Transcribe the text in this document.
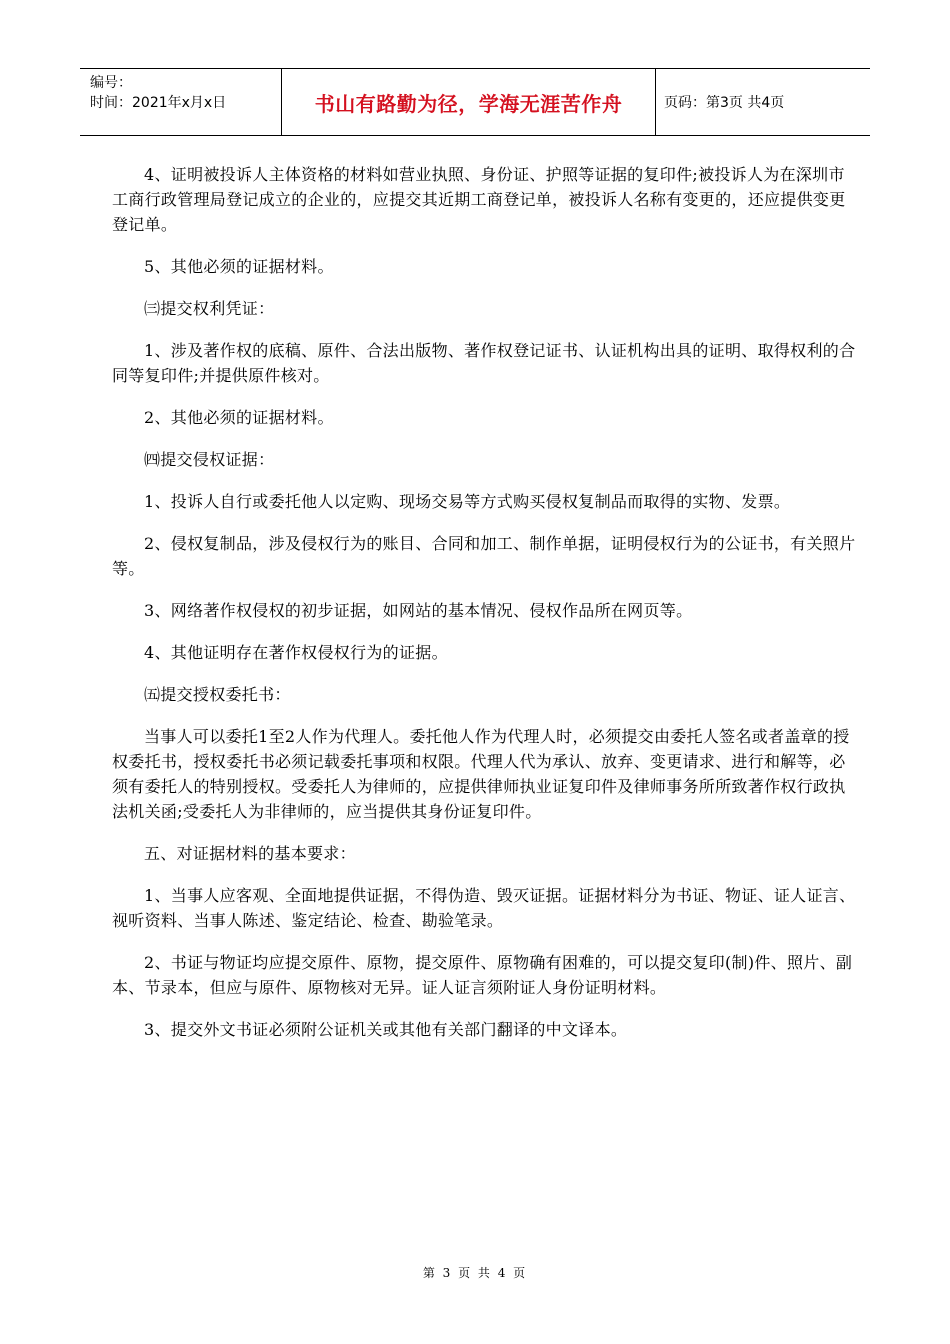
编号：
时间：2021年x月x日	书山有路勤为径，学海无涯苦作舟	页码：第3页 共4页

4、证明被投诉人主体资格的材料如营业执照、身份证、护照等证据的复印件;被投诉人为在深圳市工商行政管理局登记成立的企业的，应提交其近期工商登记单，被投诉人名称有变更的，还应提供变更登记单。

5、其他必须的证据材料。

㈢提交权利凭证：

1、涉及著作权的底稿、原件、合法出版物、著作权登记证书、认证机构出具的证明、取得权利的合同等复印件;并提供原件核对。

2、其他必须的证据材料。

㈣提交侵权证据：

1、投诉人自行或委托他人以定购、现场交易等方式购买侵权复制品而取得的实物、发票。

2、侵权复制品，涉及侵权行为的账目、合同和加工、制作单据，证明侵权行为的公证书，有关照片等。

3、网络著作权侵权的初步证据，如网站的基本情况、侵权作品所在网页等。

4、其他证明存在著作权侵权行为的证据。

㈤提交授权委托书：

当事人可以委托1至2人作为代理人。委托他人作为代理人时，必须提交由委托人签名或者盖章的授权委托书，授权委托书必须记载委托事项和权限。代理人代为承认、放弃、变更请求、进行和解等，必须有委托人的特别授权。受委托人为律师的，应提供律师执业证复印件及律师事务所所致著作权行政执法机关函;受委托人为非律师的，应当提供其身份证复印件。

五、对证据材料的基本要求：

1、当事人应客观、全面地提供证据，不得伪造、毁灭证据。证据材料分为书证、物证、证人证言、视听资料、当事人陈述、鉴定结论、检查、勘验笔录。

2、书证与物证均应提交原件、原物，提交原件、原物确有困难的，可以提交复印(制)件、照片、副本、节录本，但应与原件、原物核对无异。证人证言须附证人身份证明材料。

3、提交外文书证必须附公证机关或其他有关部门翻译的中文译本。

第 3 页 共 4 页
